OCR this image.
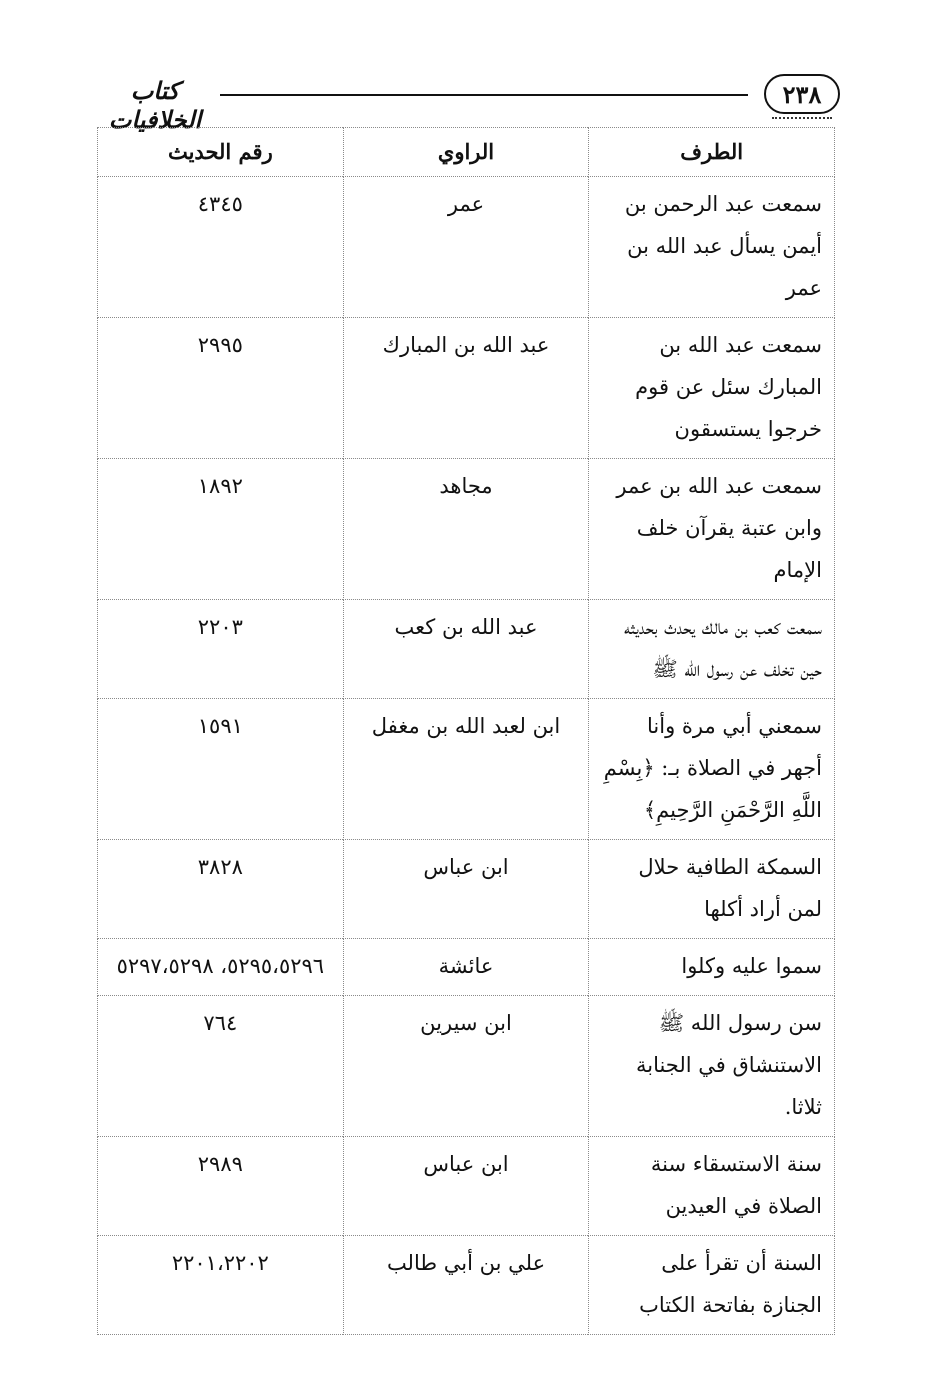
كتاب الخلافيات
٢٣٨
الطرف	الراوي	رقم الحديث
سمعت عبد الرحمن بن أيمن يسأل عبد الله بن عمر	عمر	٤٣٤٥
سمعت عبد الله بن المبارك سئل عن قوم خرجوا يستسقون	عبد الله بن المبارك	٢٩٩٥
سمعت عبد الله بن عمر وابن عتبة يقرآن خلف الإمام	مجاهد	١٨٩٢
سمعت كعب بن مالك يحدث بحديثه حين تخلف عن رسول الله ﷺ	عبد الله بن كعب	٢٢٠٣
سمعني أبي مرة وأنا أجهر في الصلاة بـ: ﴿بِسْمِ اللَّهِ الرَّحْمَنِ الرَّحِيمِ﴾	ابن لعبد الله بن مغفل	١٥٩١
السمكة الطافية حلال لمن أراد أكلها	ابن عباس	٣٨٢٨
سموا عليه وكلوا	عائشة	٥٢٩٥،٥٢٩٦، ٥٢٩٧،٥٢٩٨
سن رسول الله ﷺ الاستنشاق في الجنابة ثلاثا.	ابن سيرين	٧٦٤
سنة الاستسقاء سنة الصلاة في العيدين	ابن عباس	٢٩٨٩
السنة أن تقرأ على الجنازة بفاتحة الكتاب	علي بن أبي طالب	٢٢٠١،٢٢٠٢
